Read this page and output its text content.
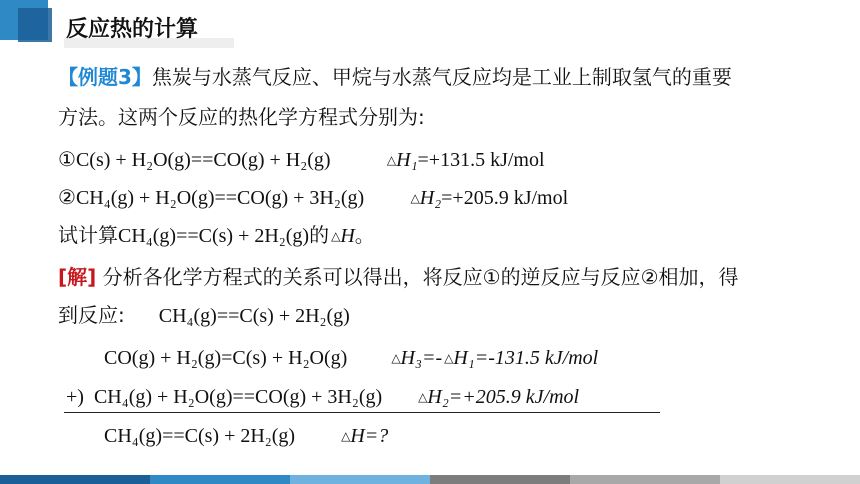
反应热的计算
【例题3】焦炭与水蒸气反应、甲烷与水蒸气反应均是工业上制取氢气的重要
方法。这两个反应的热化学方程式分别为:
①C(s) + H₂O(g)==CO(g) + H₂(g)	△H₁=+131.5 kJ/mol
②CH₄(g) + H₂O(g)==CO(g) + 3H₂(g)	△H₂=+205.9 kJ/mol
试计算CH₄(g)==C(s) + 2H₂(g)的 △H。
[解] 分析各化学方程式的关系可以得出，将反应①的逆反应与反应②相加，得
到反应: CH₄(g)==C(s) + 2H₂(g)
CO(g) + H₂(g)=C(s) + H₂O(g)	△H₃=- △H₁=-131.5 kJ/mol
+) CH₄(g) + H₂O(g)==CO(g) + 3H₂(g)	△H₂=+205.9 kJ/mol
CH₄(g)==C(s) + 2H₂(g)	△H=?
